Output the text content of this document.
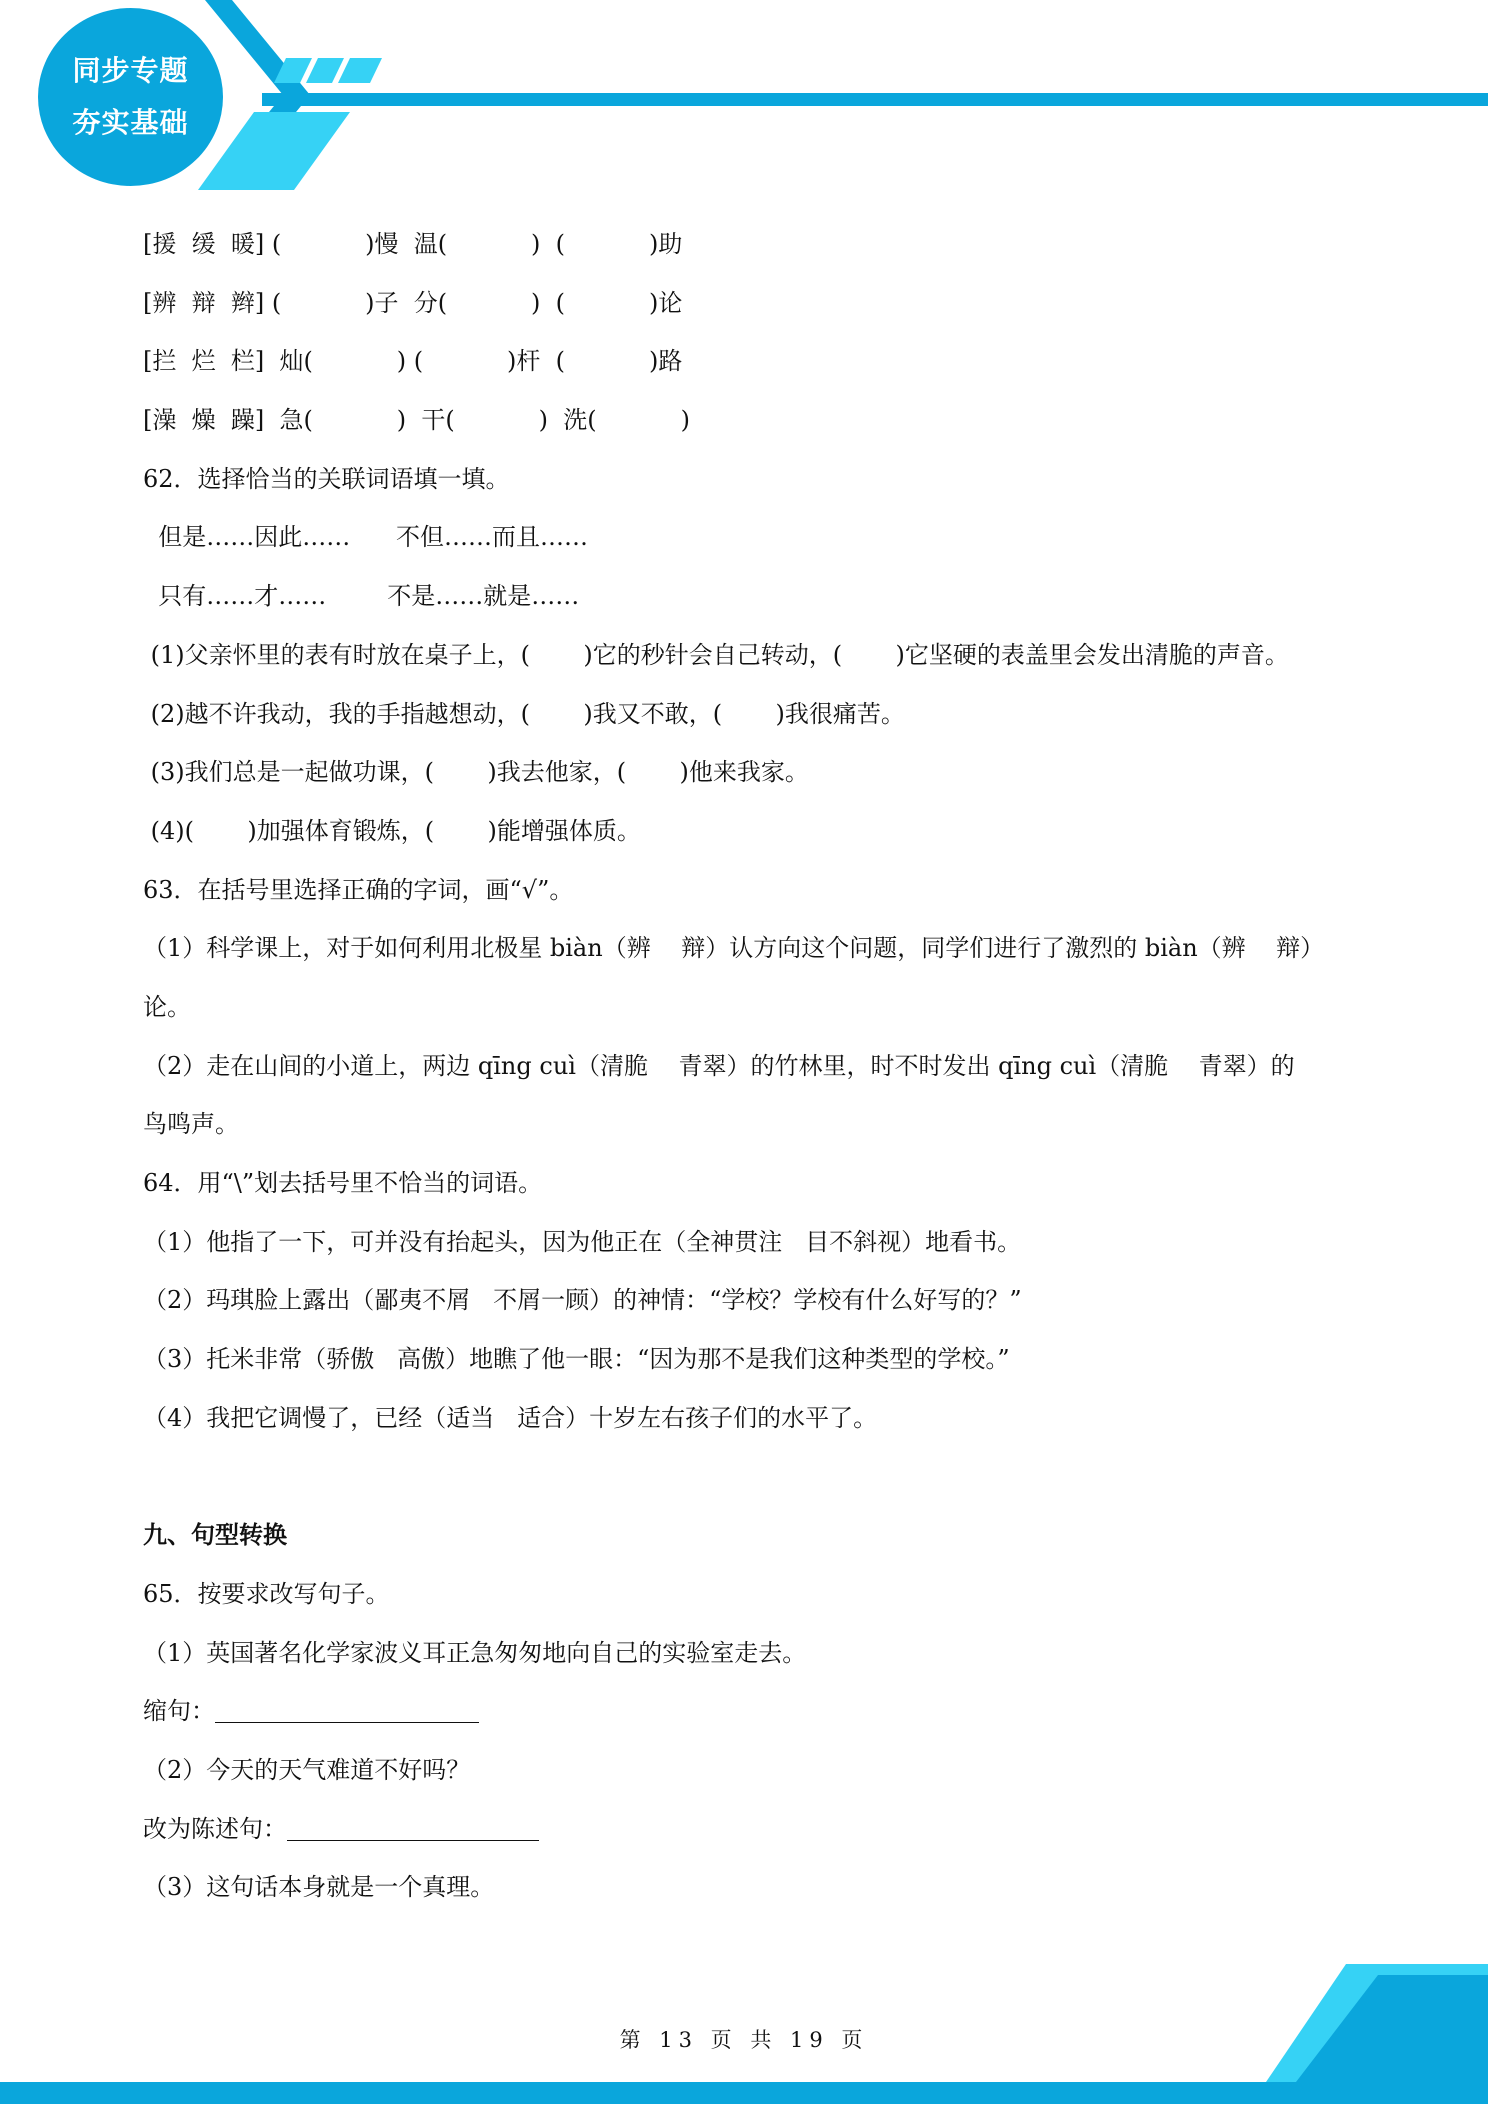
同步专题
夯实基础
[援  缓  暖] (           )慢  温(           )  (           )助
[辨  辩  辫] (           )子  分(           )  (           )论
[拦  烂  栏]  灿(           ) (           )杆  (           )路
[澡  燥  躁]  急(           )  干(           )  洗(           )
62．选择恰当的关联词语填一填。
但是……因此……      不但……而且……
只有……才……        不是……就是……
(1)父亲怀里的表有时放在桌子上，(       )它的秒针会自己转动，(       )它坚硬的表盖里会发出清脆的声音。
(2)越不许我动，我的手指越想动，(       )我又不敢，(       )我很痛苦。
(3)我们总是一起做功课，(       )我去他家，(       )他来我家。
(4)(       )加强体育锻炼，(       )能增强体质。
63．在括号里选择正确的字词，画“√”。
（1）科学课上，对于如何利用北极星 biàn（辨    辩）认方向这个问题，同学们进行了激烈的 biàn（辨    辩）
论。
（2）走在山间的小道上，两边 qīng cuì（清脆    青翠）的竹林里，时不时发出 qīng cuì（清脆    青翠）的
鸟鸣声。
64．用“\”划去括号里不恰当的词语。
（1）他指了一下，可并没有抬起头，因为他正在（全神贯注   目不斜视）地看书。
（2）玛琪脸上露出（鄙夷不屑   不屑一顾）的神情：“学校？学校有什么好写的？”
（3）托米非常（骄傲   高傲）地瞧了他一眼：“因为那不是我们这种类型的学校。”
（4）我把它调慢了，已经（适当   适合）十岁左右孩子们的水平了。
九、句型转换
65．按要求改写句子。
（1）英国著名化学家波义耳正急匆匆地向自己的实验室走去。
缩句：
（2）今天的天气难道不好吗？
改为陈述句：
（3）这句话本身就是一个真理。
第 13 页 共 19 页
